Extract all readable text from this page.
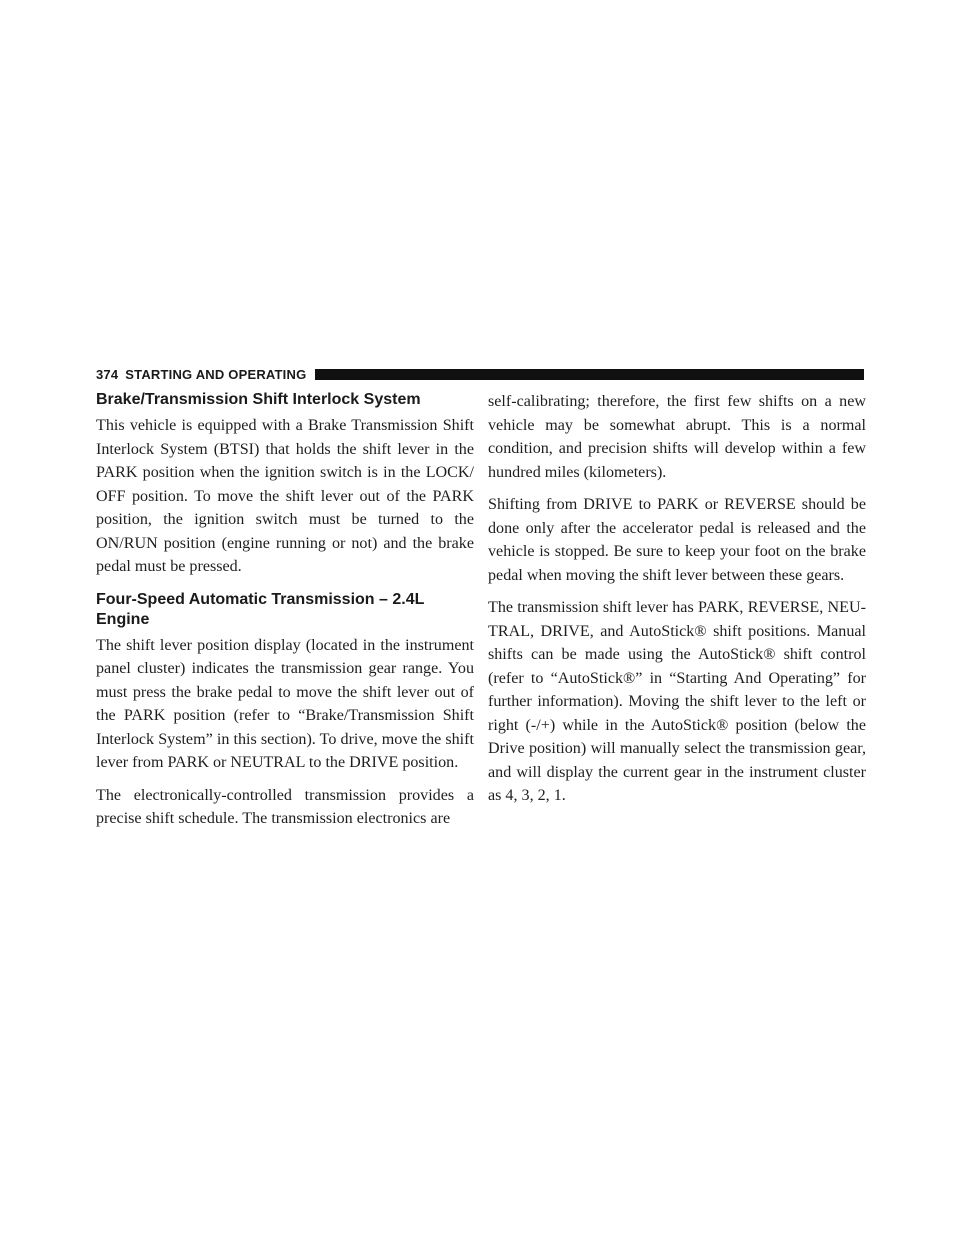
374 STARTING AND OPERATING
Brake/Transmission Shift Interlock System

This vehicle is equipped with a Brake Transmission Shift Interlock System (BTSI) that holds the shift lever in the PARK position when the ignition switch is in the LOCK/ OFF position. To move the shift lever out of the PARK position, the ignition switch must be turned to the ON/RUN position (engine running or not) and the brake pedal must be pressed.

Four-Speed Automatic Transmission – 2.4L Engine

The shift lever position display (located in the instrument panel cluster) indicates the transmission gear range. You must press the brake pedal to move the shift lever out of the PARK position (refer to “Brake/Transmission Shift Interlock System” in this section). To drive, move the shift lever from PARK or NEUTRAL to the DRIVE position.

The electronically-controlled transmission provides a precise shift schedule. The transmission electronics are

self-calibrating; therefore, the first few shifts on a new vehicle may be somewhat abrupt. This is a normal condition, and precision shifts will develop within a few hundred miles (kilometers).

Shifting from DRIVE to PARK or REVERSE should be done only after the accelerator pedal is released and the vehicle is stopped. Be sure to keep your foot on the brake pedal when moving the shift lever between these gears.

The transmission shift lever has PARK, REVERSE, NEU-TRAL, DRIVE, and AutoStick® shift positions. Manual shifts can be made using the AutoStick® shift control (refer to “AutoStick®” in “Starting And Operating” for further information). Moving the shift lever to the left or right (-/+) while in the AutoStick® position (below the Drive position) will manually select the transmission gear, and will display the current gear in the instrument cluster as 4, 3, 2, 1.
